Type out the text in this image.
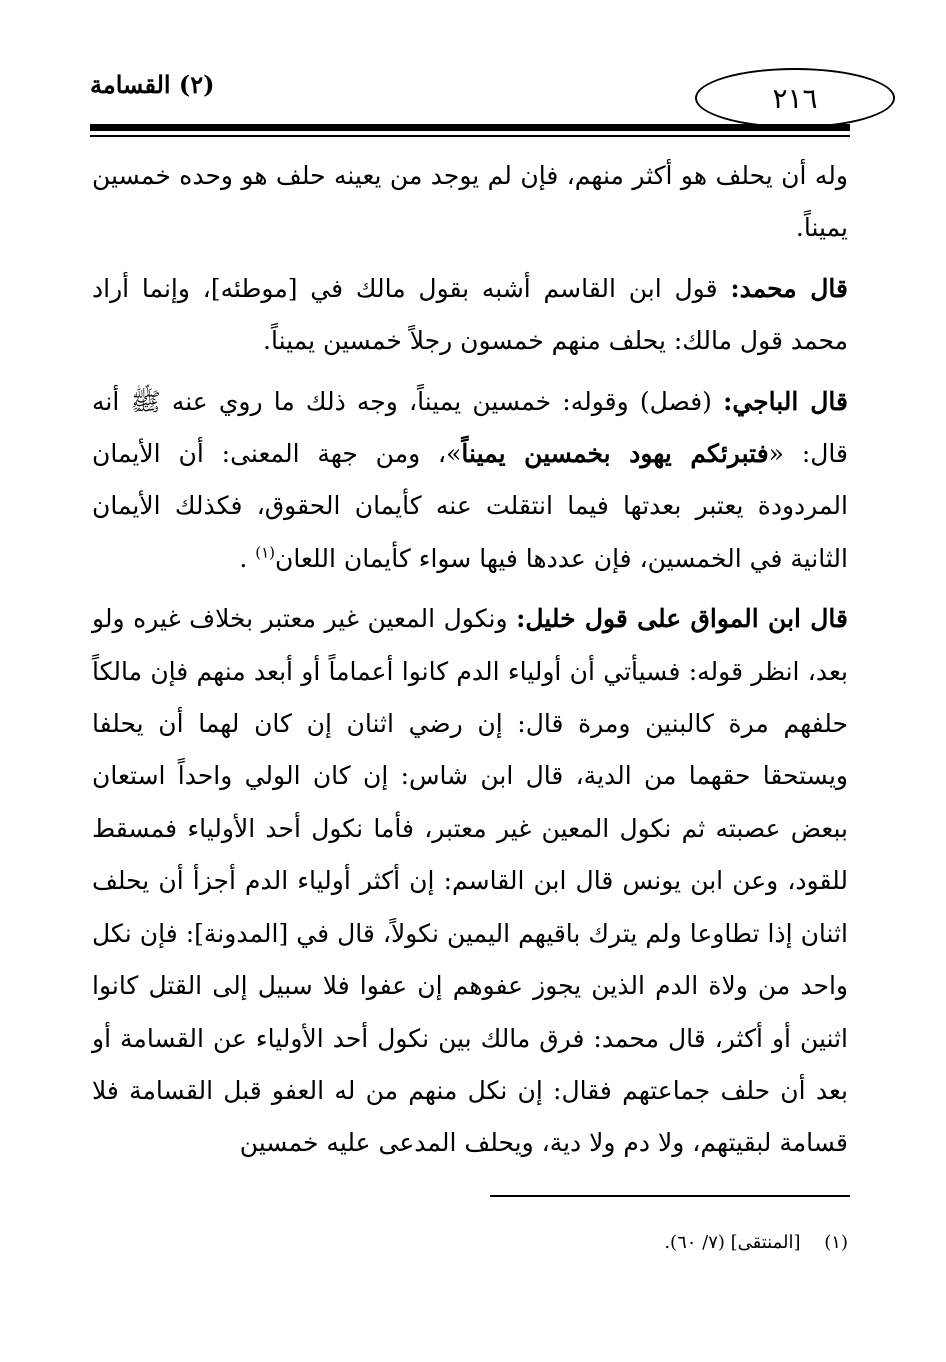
٢١٦
(٢) القسامة

وله أن يحلف هو أكثر منهم، فإن لم يوجد من يعينه حلف هو وحده خمسين يميناً.

قال محمد: قول ابن القاسم أشبه بقول مالك في [موطئه]، وإنما أراد محمد قول مالك: يحلف منهم خمسون رجلاً خمسين يميناً.

قال الباجي: (فصل) وقوله: خمسين يميناً، وجه ذلك ما روي عنه ﷺ أنه قال: «فتبرئكم يهود بخمسين يميناً»، ومن جهة المعنى: أن الأيمان المردودة يعتبر بعدتها فيما انتقلت عنه كأيمان الحقوق، فكذلك الأيمان الثانية في الخمسين، فإن عددها فيها سواء كأيمان اللعان$^{(١)}$ .

قال ابن المواق على قول خليل: ونكول المعين غير معتبر بخلاف غيره ولو بعد، انظر قوله: فسيأتي أن أولياء الدم كانوا أعماماً أو أبعد منهم فإن مالكاً حلفهم مرة كالبنين ومرة قال: إن رضي اثنان إن كان لهما أن يحلفا ويستحقا حقهما من الدية، قال ابن شاس: إن كان الولي واحداً استعان ببعض عصبته ثم نكول المعين غير معتبر، فأما نكول أحد الأولياء فمسقط للقود، وعن ابن يونس قال ابن القاسم: إن أكثر أولياء الدم أجزأ أن يحلف اثنان إذا تطاوعا ولم يترك باقيهم اليمين نكولاً، قال في [المدونة]: فإن نكل واحد من ولاة الدم الذين يجوز عفوهم إن عفوا فلا سبيل إلى القتل كانوا اثنين أو أكثر، قال محمد: فرق مالك بين نكول أحد الأولياء عن القسامة أو بعد أن حلف جماعتهم فقال: إن نكل منهم من له العفو قبل القسامة فلا قسامة لبقيتهم، ولا دم ولا دية، ويحلف المدعى عليه خمسين

(١) [المنتقى] (٧/ ٦٠).
